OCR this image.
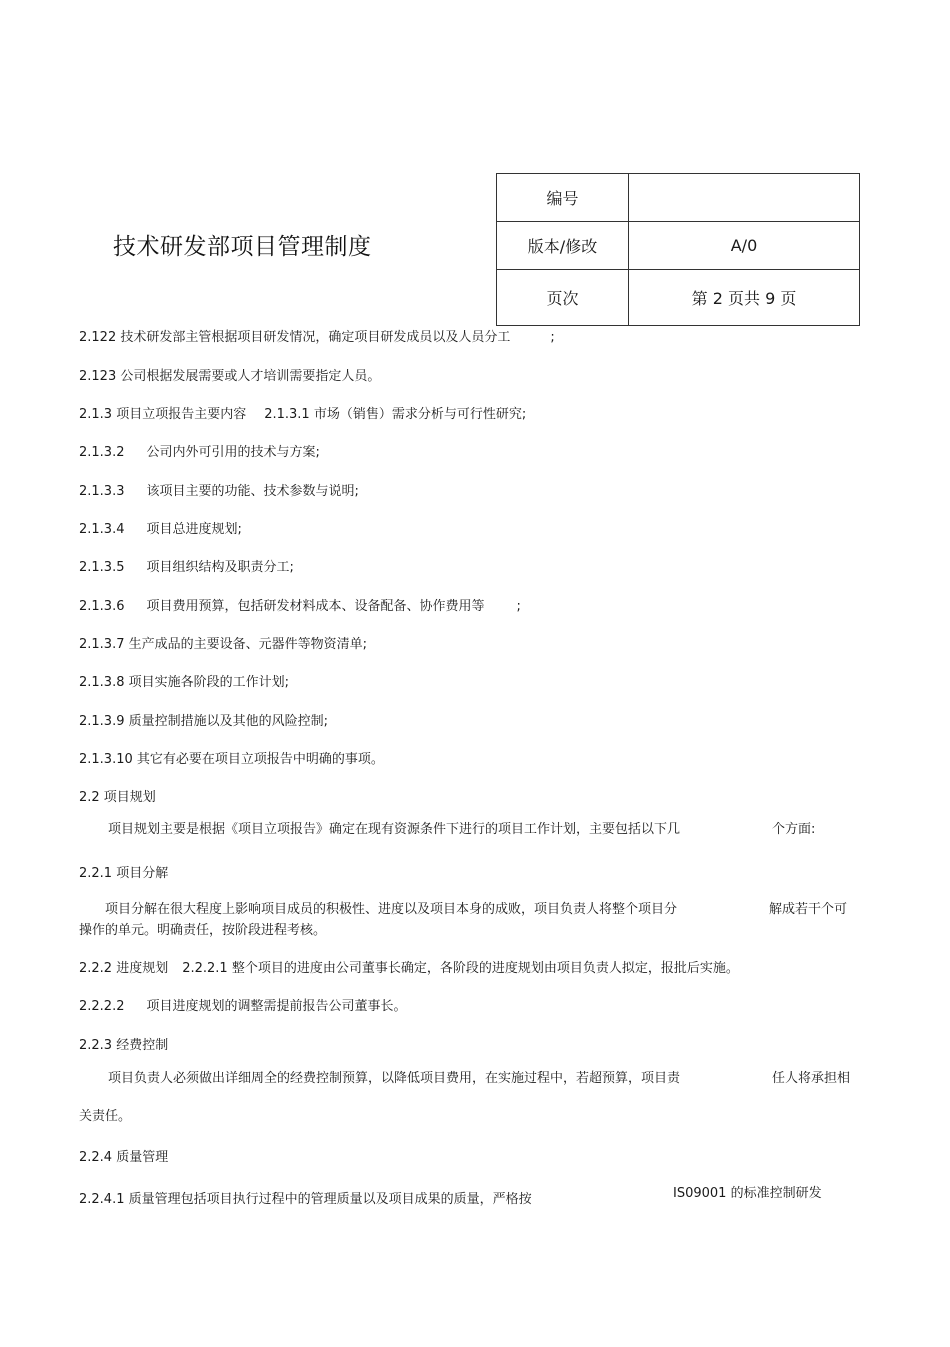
技术研发部项目管理制度
编号	
版本/修改	A/0
页次	第 2 页共 9 页
2.122 技术研发部主管根据项目研发情况，确定项目研发成员以及人员分工	;
2.123 公司根据发展需要或人才培训需要指定人员。
2.1.3 项目立项报告主要内容 2.1.3.1 市场（销售）需求分析与可行性研究;
2.1.3.2 公司内外可引用的技术与方案;
2.1.3.3 该项目主要的功能、技术参数与说明;
2.1.3.4 项目总进度规划;
2.1.3.5 项目组织结构及职责分工;
2.1.3.6 项目费用预算，包括研发材料成本、设备配备、协作费用等 ;
2.1.3.7 生产成品的主要设备、元器件等物资清单;
2.1.3.8 项目实施各阶段的工作计划;
2.1.3.9 质量控制措施以及其他的风险控制;
2.1.3.10 其它有必要在项目立项报告中明确的事项。
2.2 项目规划
项目规划主要是根据《项目立项报告》确定在现有资源条件下进行的项目工作计划，主要包括以下几	个方面:
2.2.1 项目分解
项目分解在很大程度上影响项目成员的积极性、进度以及项目本身的成败，项目负责人将整个项目分	解成若干个可
操作的单元。明确责任，按阶段进程考核。
2.2.2 进度规划 2.2.2.1 整个项目的进度由公司董事长确定，各阶段的进度规划由项目负责人拟定，报批后实施。
2.2.2.2 项目进度规划的调整需提前报告公司董事长。
2.2.3 经费控制
项目负责人必须做出详细周全的经费控制预算，以降低项目费用，在实施过程中，若超预算，项目责	任人将承担相
关责任。
2.2.4 质量管理
2.2.4.1 质量管理包括项目执行过程中的管理质量以及项目成果的质量，严格按	IS09001 的标准控制研发
